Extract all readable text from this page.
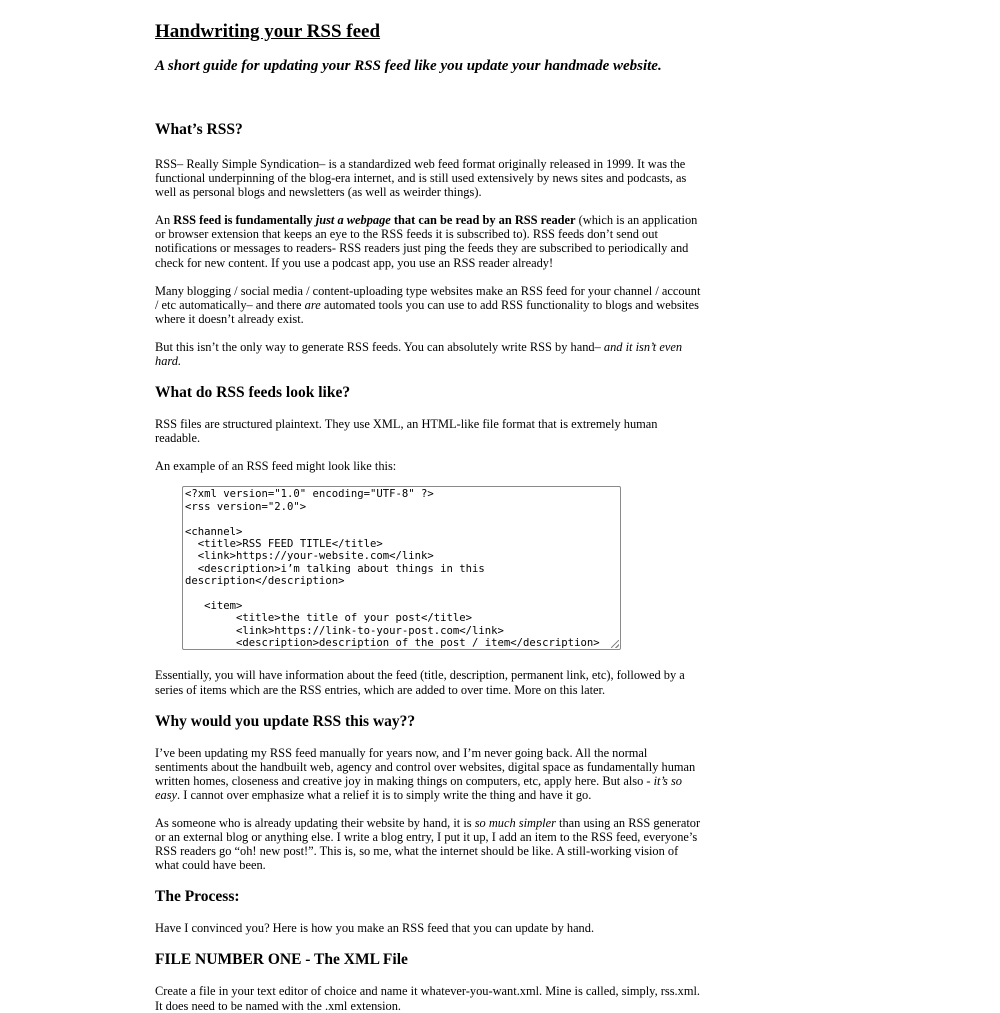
Handwriting your RSS feed

A short guide for updating your RSS feed like you update your handmade website.

What’s RSS?

RSS– Really Simple Syndication– is a standardized web feed format originally released in 1999. It was the functional underpinning of the blog-era internet, and is still used extensively by news sites and podcasts, as well as personal blogs and newsletters (as well as weirder things).

An RSS feed is fundamentally just a webpage that can be read by an RSS reader (which is an application or browser extension that keeps an eye to the RSS feeds it is subscribed to). RSS feeds don’t send out notifications or messages to readers- RSS readers just ping the feeds they are subscribed to periodically and check for new content. If you use a podcast app, you use an RSS reader already!

Many blogging / social media / content-uploading type websites make an RSS feed for your channel / account / etc automatically– and there are automated tools you can use to add RSS functionality to blogs and websites where it doesn’t already exist.

But this isn’t the only way to generate RSS feeds. You can absolutely write RSS by hand– and it isn’t even hard.

What do RSS feeds look like?

RSS files are structured plaintext. They use XML, an HTML-like file format that is extremely human readable.

An example of an RSS feed might look like this:

<?xml version="1.0" encoding="UTF-8" ?>
<rss version="2.0">

<channel>
<title>RSS FEED TITLE</title>
<link>https://your-website.com</link>
<description>i’m talking about things in this description</description>

<item>
<title>the title of your post</title>
<link>https://link-to-your-post.com</link>
<description>description of the post / item</description>

Essentially, you will have information about the feed (title, description, permanent link, etc), followed by a series of items which are the RSS entries, which are added to over time. More on this later.

Why would you update RSS this way??

I’ve been updating my RSS feed manually for years now, and I’m never going back. All the normal sentiments about the handbuilt web, agency and control over websites, digital space as fundamentally human written homes, closeness and creative joy in making things on computers, etc, apply here. But also - it’s so easy. I cannot over emphasize what a relief it is to simply write the thing and have it go.

As someone who is already updating their website by hand, it is so much simpler than using an RSS generator or an external blog or anything else. I write a blog entry, I put it up, I add an item to the RSS feed, everyone’s RSS readers go “oh! new post!”. This is, so me, what the internet should be like. A still-working vision of what could have been.

The Process:

Have I convinced you? Here is how you make an RSS feed that you can update by hand.

FILE NUMBER ONE - The XML File

Create a file in your text editor of choice and name it whatever-you-want.xml. Mine is called, simply, rss.xml. It does need to be named with the .xml extension.
